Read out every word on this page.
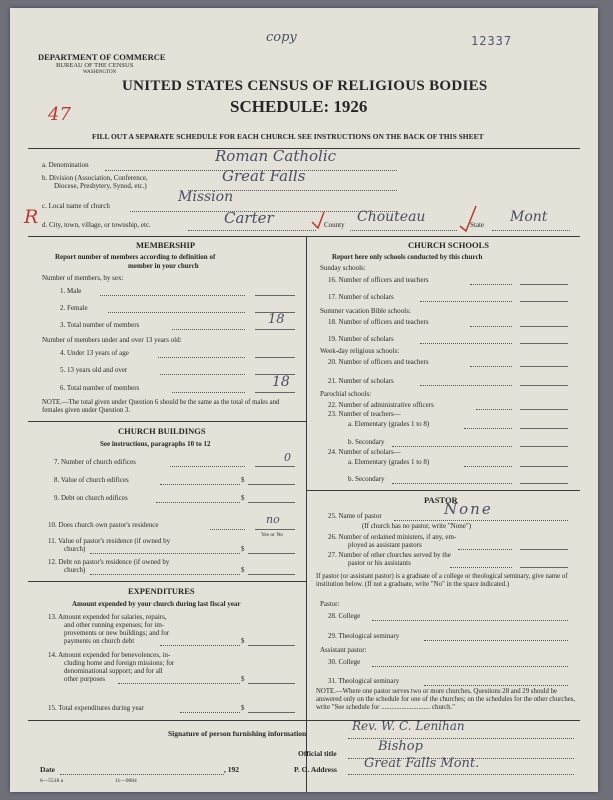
copy	12337
DEPARTMENT OF COMMERCE
BUREAU OF THE CENSUS
WASHINGTON
UNITED STATES CENSUS OF RELIGIOUS BODIES
SCHEDULE: 1926
47
FILL OUT A SEPARATE SCHEDULE FOR EACH CHURCH. SEE INSTRUCTIONS ON THE BACK OF THIS SHEET
a. Denomination	Roman Catholic
b. Division (Association, Conference,
Diocese, Presbytery, Synod, etc.)
Great Falls
c. Local name of church
Mission
R d. City, town, village, or township, etc.	Carter	County Chouteau	State Mont
MEMBERSHIP
Report number of members according to definition of
member in your church
Number of members, by sex:
1. Male
2. Female
3. Total number of members	18
Number of members under and over 13 years old:
4. Under 13 years of age
5. 13 years old and over
6. Total number of members	18
NOTE.—The total given under Question 6 should be the same as the total of males and females given under Question 3.
CHURCH BUILDINGS
See instructions, paragraphs 10 to 12
7. Number of church edifices	0
8. Value of church edifices	$
9. Debt on church edifices	$
10. Does church own pastor's residence	no
Yes or No
11. Value of pastor's residence (if owned by
church)	$
12. Debt on pastor's residence (if owned by
church)	$
EXPENDITURES
Amount expended by your church during last fiscal year
13. Amount expended for salaries, repairs,
and other running expenses; for im-
provements or new buildings; and for
payments on church debt	$
14. Amount expended for benevolences, in-
cluding home and foreign missions; for
denominational support; and for all
other purposes	$
15. Total expenditures during year	$
CHURCH SCHOOLS
Report here only schools conducted by this church
Sunday schools:
16. Number of officers and teachers
17. Number of scholars
Summer vacation Bible schools:
18. Number of officers and teachers
19. Number of scholars
Week-day religious schools:
20. Number of officers and teachers
21. Number of scholars
Parochial schools:
22. Number of administrative officers
23. Number of teachers—
a. Elementary (grades 1 to 8)
b. Secondary
24. Number of scholars—
a. Elementary (grades 1 to 8)
b. Secondary
PASTOR
25. Name of pastor	None
(If church has no pastor, write "None")
26. Number of ordained ministers, if any, em-
ployed as assistant pastors
27. Number of other churches served by the
pastor or his assistants
If pastor (or assistant pastor) is a graduate of a college or theological seminary, give name of institution below. (If not a graduate, write "No" in the space indicated.)
Pastor:
28. College
29. Theological seminary
Assistant pastor:
30. College
31. Theological seminary
NOTE.—Where one pastor serves two or more churches, Questions 28 and 29 should be answered only on the schedule for one of the churches; on the schedules for the other churches, write "See schedule for ............................. church."
Signature of person furnishing information
Rev. W. C. Lenihan
Official title	Bishop
Date	, 192	P. O. Address Great Falls Mont.
6—5518 a	11—9084
